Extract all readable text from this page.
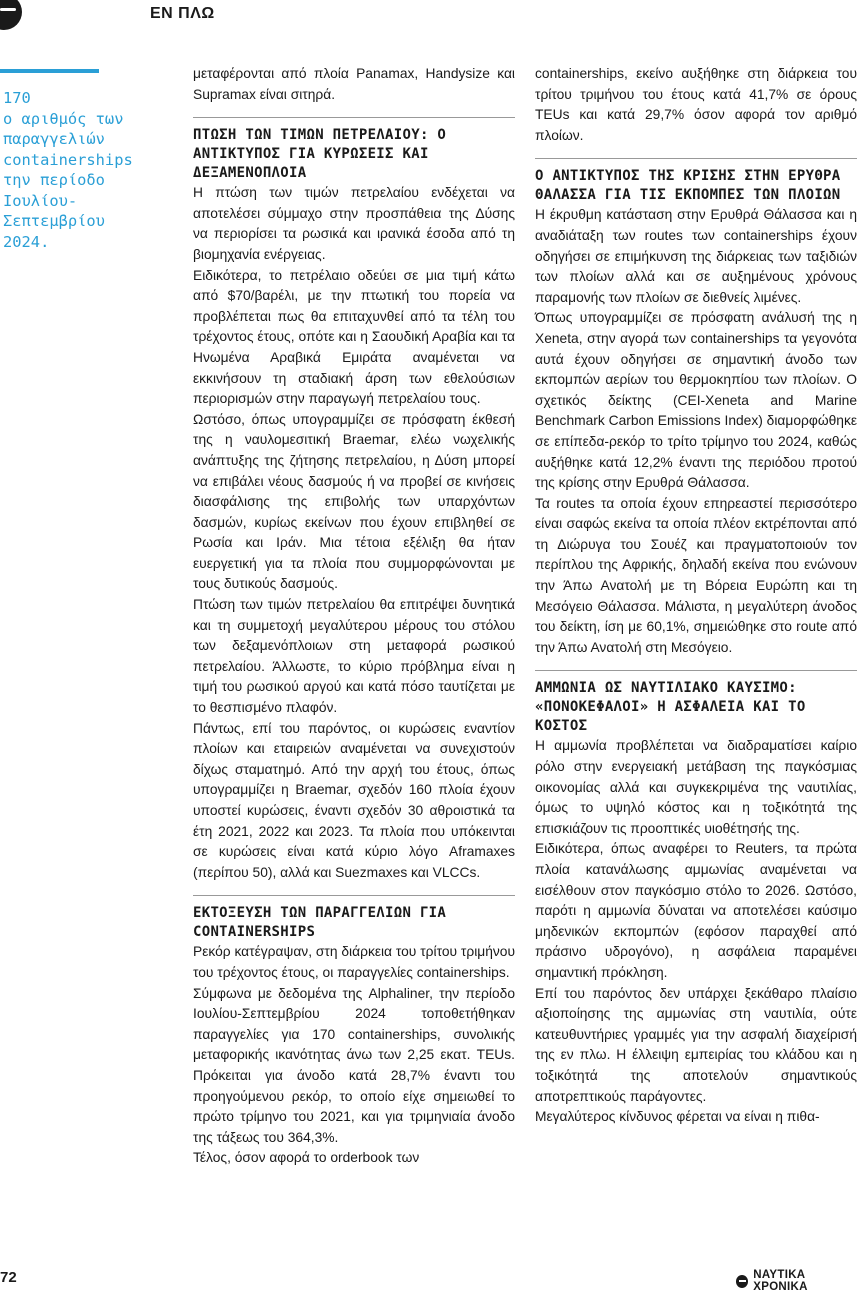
ΕΝ ΠΛΩ
170
ο αριθμός των
παραγγελιών
containerships
την περίοδο
Ιουλίου-
Σεπτεμβρίου
2024.

μεταφέρονται από πλοία Panamax, Handysize και Supramax είναι σιτηρά.

ΠΤΩΣΗ ΤΩΝ ΤΙΜΩΝ ΠΕΤΡΕΛΑΙΟΥ: Ο ΑΝΤΙΚΤΥΠΟΣ ΓΙΑ ΚΥΡΩΣΕΙΣ ΚΑΙ ΔΕΞΑΜΕΝΟΠΛΟΙΑ

Η πτώση των τιμών πετρελαίου ενδέχεται να αποτελέσει σύμμαχο στην προσπάθεια της Δύσης να περιορίσει τα ρωσικά και ιρανικά έσοδα από τη βιομηχανία ενέργειας.

Ειδικότερα, το πετρέλαιο οδεύει σε μια τιμή κάτω από $70/βαρέλι, με την πτωτική του πορεία να προβλέπεται πως θα επιταχυνθεί από τα τέλη του τρέχοντος έτους, οπότε και η Σαουδική Αραβία και τα Ηνωμένα Αραβικά Εμιράτα αναμένεται να εκκινήσουν τη σταδιακή άρση των εθελούσιων περιορισμών στην παραγωγή πετρελαίου τους.

Ωστόσο, όπως υπογραμμίζει σε πρόσφατη έκθεσή της η ναυλομεσιτική Braemar, ελέω νωχελικής ανάπτυξης της ζήτησης πετρελαίου, η Δύση μπορεί να επιβάλει νέους δασμούς ή να προβεί σε κινήσεις διασφάλισης της επιβολής των υπαρχόντων δασμών, κυρίως εκείνων που έχουν επιβληθεί σε Ρωσία και Ιράν. Μια τέτοια εξέλιξη θα ήταν ευεργετική για τα πλοία που συμμορφώνονται με τους δυτικούς δασμούς.

Πτώση των τιμών πετρελαίου θα επιτρέψει δυνητικά και τη συμμετοχή μεγαλύτερου μέρους του στόλου των δεξαμενόπλοιων στη μεταφορά ρωσικού πετρελαίου. Άλλωστε, το κύριο πρόβλημα είναι η τιμή του ρωσικού αργού και κατά πόσο ταυτίζεται με το θεσπισμένο πλαφόν.

Πάντως, επί του παρόντος, οι κυρώσεις εναντίον πλοίων και εταιρειών αναμένεται να συνεχιστούν δίχως σταματημό. Από την αρχή του έτους, όπως υπογραμμίζει η Braemar, σχεδόν 160 πλοία έχουν υποστεί κυρώσεις, έναντι σχεδόν 30 αθροιστικά τα έτη 2021, 2022 και 2023. Τα πλοία που υπόκεινται σε κυρώσεις είναι κατά κύριο λόγο Aframaxes (περίπου 50), αλλά και Suezmaxes και VLCCs.

ΕΚΤΟΞΕΥΣΗ ΤΩΝ ΠΑΡΑΓΓΕΛΙΩΝ ΓΙΑ CONTAINERSHIPS

Ρεκόρ κατέγραψαν, στη διάρκεια του τρίτου τριμήνου του τρέχοντος έτους, οι παραγγελίες containerships.

Σύμφωνα με δεδομένα της Alphaliner, την περίοδο Ιουλίου-Σεπτεμβρίου 2024 τοποθετήθηκαν παραγγελίες για 170 containerships, συνολικής μεταφορικής ικανότητας άνω των 2,25 εκατ. TEUs. Πρόκειται για άνοδο κατά 28,7% έναντι του προηγούμενου ρεκόρ, το οποίο είχε σημειωθεί το πρώτο τρίμηνο του 2021, και για τριμηνιαία άνοδο της τάξεως του 364,3%.

Τέλος, όσον αφορά το orderbook των

containerships, εκείνο αυξήθηκε στη διάρκεια του τρίτου τριμήνου του έτους κατά 41,7% σε όρους TEUs και κατά 29,7% όσον αφορά τον αριθμό πλοίων.

Ο ΑΝΤΙΚΤΥΠΟΣ ΤΗΣ ΚΡΙΣΗΣ ΣΤΗΝ ΕΡΥΘΡΑ ΘΑΛΑΣΣΑ ΓΙΑ ΤΙΣ ΕΚΠΟΜΠΕΣ ΤΩΝ ΠΛΟΙΩΝ

Η έκρυθμη κατάσταση στην Ερυθρά Θάλασσα και η αναδιάταξη των routes των containerships έχουν οδηγήσει σε επιμήκυνση της διάρκειας των ταξιδιών των πλοίων αλλά και σε αυξημένους χρόνους παραμονής των πλοίων σε διεθνείς λιμένες.

Όπως υπογραμμίζει σε πρόσφατη ανάλυσή της η Xeneta, στην αγορά των containerships τα γεγονότα αυτά έχουν οδηγήσει σε σημαντική άνοδο των εκπομπών αερίων του θερμοκηπίου των πλοίων. Ο σχετικός δείκτης (CEI-Xeneta and Marine Benchmark Carbon Emissions Index) διαμορφώθηκε σε επίπεδα-ρεκόρ το τρίτο τρίμηνο του 2024, καθώς αυξήθηκε κατά 12,2% έναντι της περιόδου προτού της κρίσης στην Ερυθρά Θάλασσα.

Τα routes τα οποία έχουν επηρεαστεί περισσότερο είναι σαφώς εκείνα τα οποία πλέον εκτρέπονται από τη Διώρυγα του Σουέζ και πραγματοποιούν τον περίπλου της Αφρικής, δηλαδή εκείνα που ενώνουν την Άπω Ανατολή με τη Βόρεια Ευρώπη και τη Μεσόγειο Θάλασσα. Μάλιστα, η μεγαλύτερη άνοδος του δείκτη, ίση με 60,1%, σημειώθηκε στο route από την Άπω Ανατολή στη Μεσόγειο.

ΑΜΜΩΝΙΑ ΩΣ ΝΑΥΤΙΛΙΑΚΟ ΚΑΥΣΙΜΟ: «ΠΟΝΟΚΕΦΑΛΟΙ» Η ΑΣΦΑΛΕΙΑ ΚΑΙ ΤΟ ΚΟΣΤΟΣ

Η αμμωνία προβλέπεται να διαδραματίσει καίριο ρόλο στην ενεργειακή μετάβαση της παγκόσμιας οικονομίας αλλά και συγκεκριμένα της ναυτιλίας, όμως το υψηλό κόστος και η τοξικότητά της επισκιάζουν τις προοπτικές υιοθέτησής της.

Ειδικότερα, όπως αναφέρει το Reuters, τα πρώτα πλοία κατανάλωσης αμμωνίας αναμένεται να εισέλθουν στον παγκόσμιο στόλο το 2026. Ωστόσο, παρότι η αμμωνία δύναται να αποτελέσει καύσιμο μηδενικών εκπομπών (εφόσον παραχθεί από πράσινο υδρογόνο), η ασφάλεια παραμένει σημαντική πρόκληση.

Επί του παρόντος δεν υπάρχει ξεκάθαρο πλαίσιο αξιοποίησης της αμμωνίας στη ναυτιλία, ούτε κατευθυντήριες γραμμές για την ασφαλή διαχείρισή της εν πλω. Η έλλειψη εμπειρίας του κλάδου και η τοξικότητά της αποτελούν σημαντικούς αποτρεπτικούς παράγοντες.

Μεγαλύτερος κίνδυνος φέρεται να είναι η πιθα-

72	ΝΑΥΤΙΚΑ ΧΡΟΝΙΚΑ
